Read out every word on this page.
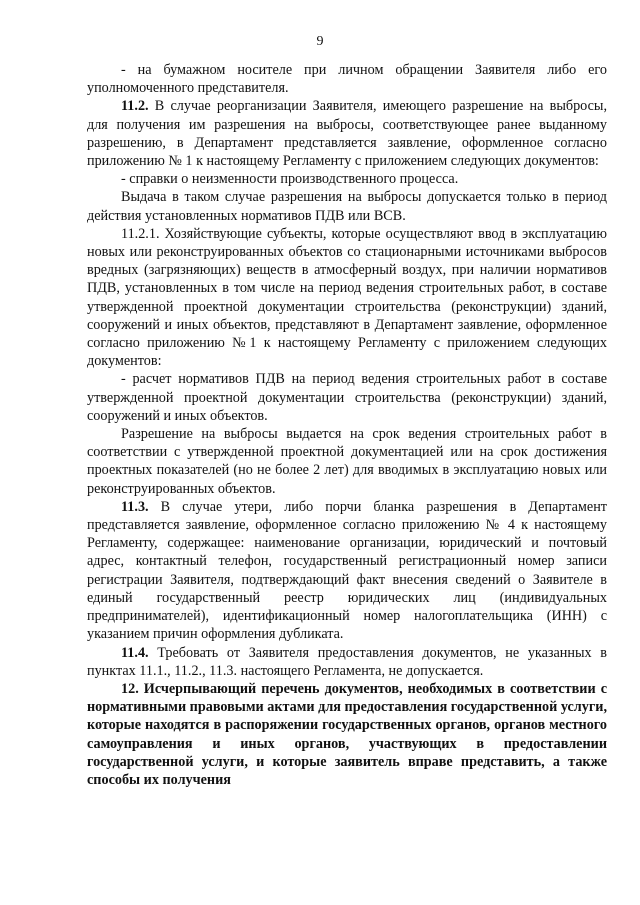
9

- на бумажном носителе при личном обращении Заявителя либо его уполномоченного представителя.

11.2. В случае реорганизации Заявителя, имеющего разрешение на выбросы, для получения им разрешения на выбросы, соответствующее ранее выданному разрешению, в Департамент представляется заявление, оформленное согласно приложению № 1 к настоящему Регламенту с приложением следующих документов:

- справки о неизменности производственного процесса.

Выдача в таком случае разрешения на выбросы допускается только в период действия установленных нормативов ПДВ или ВСВ.

11.2.1. Хозяйствующие субъекты, которые осуществляют ввод в эксплуатацию новых или реконструированных объектов со стационарными источниками выбросов вредных (загрязняющих) веществ в атмосферный воздух, при наличии нормативов ПДВ, установленных в том числе на период ведения строительных работ, в составе утвержденной проектной документации строительства (реконструкции) зданий, сооружений и иных объектов, представляют в Департамент заявление, оформленное согласно приложению №1 к настоящему Регламенту с приложением следующих документов:

- расчет нормативов ПДВ на период ведения строительных работ в составе утвержденной проектной документации строительства (реконструкции) зданий, сооружений и иных объектов.

Разрешение на выбросы выдается на срок ведения строительных работ в соответствии с утвержденной проектной документацией или на срок достижения проектных показателей (но не более 2 лет) для вводимых в эксплуатацию новых или реконструированных объектов.

11.3. В случае утери, либо порчи бланка разрешения в Департамент представляется заявление, оформленное согласно приложению № 4 к настоящему Регламенту, содержащее: наименование организации, юридический и почтовый адрес, контактный телефон, государственный регистрационный номер записи регистрации Заявителя, подтверждающий факт внесения сведений о Заявителе в единый государственный реестр юридических лиц (индивидуальных предпринимателей), идентификационный номер налогоплательщика (ИНН) с указанием причин оформления дубликата.

11.4. Требовать от Заявителя предоставления документов, не указанных в пунктах 11.1., 11.2., 11.3. настоящего Регламента, не допускается.

12. Исчерпывающий перечень документов, необходимых в соответствии с нормативными правовыми актами для предоставления государственной услуги, которые находятся в распоряжении государственных органов, органов местного самоуправления и иных органов, участвующих в предоставлении государственной услуги, и которые заявитель вправе представить, а также способы их получения
